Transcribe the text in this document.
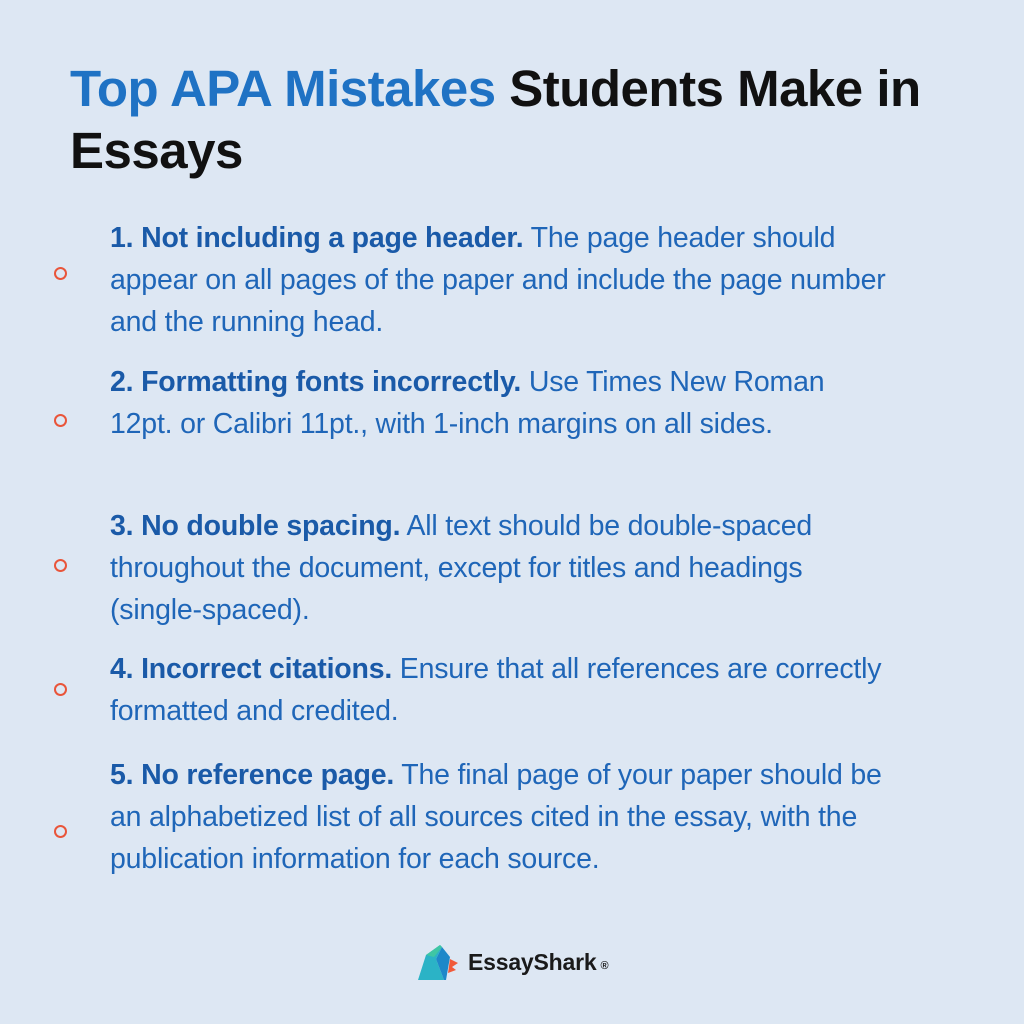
Top APA Mistakes Students Make in Essays

1. Not including a page header. The page header should appear on all pages of the paper and include the page number and the running head.

2. Formatting fonts incorrectly. Use Times New Roman 12pt. or Calibri 11pt., with 1-inch margins on all sides.

3. No double spacing. All text should be double-spaced throughout the document, except for titles and headings (single-spaced).

4. Incorrect citations. Ensure that all references are correctly formatted and credited.

5. No reference page. The final page of your paper should be an alphabetized list of all sources cited in the essay, with the publication information for each source.

EssayShark ®
